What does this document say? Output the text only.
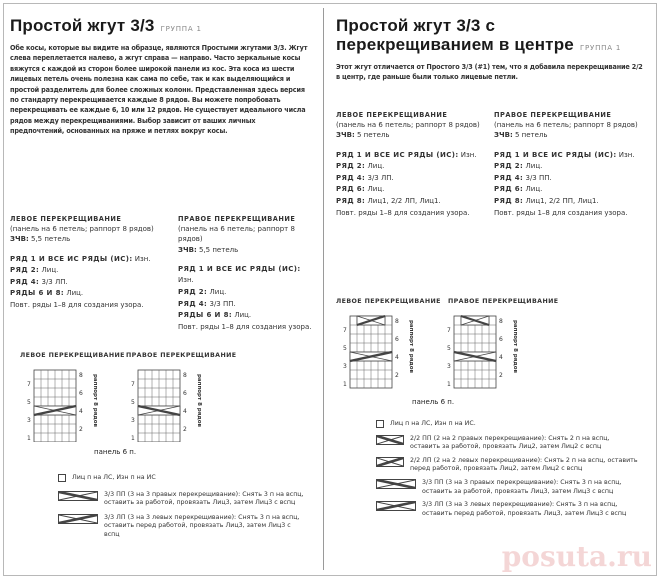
Простой жгут 3/3 ГРУППА 1

Обе косы, которые вы видите на образце, являются Простыми жгутами 3/3. Жгут слева переплетается налево, а жгут справа — направо. Часто зеркальные косы вяжутся с каждой из сторон более широкой панели из кос. Эта коса из шести лицевых петель очень полезна как сама по себе, так и как выделяющийся и простой разделитель для более сложных колонн. Представленная здесь версия по стандарту перекрещивается каждые 8 рядов. Вы можете попробовать перекрещивать ее каждые 6, 10 или 12 рядов. Не существует идеального числа рядов между перекрещиваниями. Выбор зависит от ваших личных предпочтений, основанных на пряже и петлях вокруг косы.

ЛЕВОЕ ПЕРЕКРЕЩИВАНИЕ
(панель на 6 петель; раппорт 8 рядов)
ЗЧВ: 5,5 петель
РЯД 1 И ВСЕ ИС РЯДЫ (ИС): Изн.
РЯД 2: Лиц.
РЯД 4: 3/3 ЛП.
РЯДЫ 6 И 8: Лиц.
Повт. ряды 1–8 для создания узора.
ПРАВОЕ ПЕРЕКРЕЩИВАНИЕ
(панель на 6 петель; раппорт 8 рядов)
ЗЧВ: 5,5 петель
РЯД 1 И ВСЕ ИС РЯДЫ (ИС): Изн.
РЯД 2: Лиц.
РЯД 4: 3/3 ПП.
РЯДЫ 6 И 8: Лиц.
Повт. ряды 1–8 для создания узора.
ЛЕВОЕ ПЕРЕКРЕЩИВАНИЕ ПРАВОЕ ПЕРЕКРЕЩИВАНИЕ
7
5
3
1
8
6
4
2
раппорт 8 рядов	7
5
3
1
8
6
4
2
раппорт 8 рядов
панель 6 п.
Лиц п на ЛС, Изн п на ИС
3/3 ПП (3 на 3 правых перекрещивание): Снять 3 п на вспц, оставить за работой, провязать Лиц3, затем Лиц3 с вспц
3/3 ЛП (3 на 3 левых перекрещивание): Снять 3 п на вспц, оставить перед работой, провязать Лиц3, затем Лиц3 с вспц
Простой жгут 3/3 с перекрещиванием в центре ГРУППА 1

Этот жгут отличается от Простого 3/3 (#1) тем, что я добавила перекрещивание 2/2 в центр, где раньше были только лицевые петли.

ЛЕВОЕ ПЕРЕКРЕЩИВАНИЕ
(панель на 6 петель; раппорт 8 рядов)
ЗЧВ: 5 петель
РЯД 1 И ВСЕ ИС РЯДЫ (ИС): Изн.
РЯД 2: Лиц.
РЯД 4: 3/3 ЛП.
РЯД 6: Лиц.
РЯД 8: Лиц1, 2/2 ЛП, Лиц1.
Повт. ряды 1–8 для создания узора.
ПРАВОЕ ПЕРЕКРЕЩИВАНИЕ
(панель на 6 петель; раппорт 8 рядов)
ЗЧВ: 5 петель
РЯД 1 И ВСЕ ИС РЯДЫ (ИС): Изн.
РЯД 2: Лиц.
РЯД 4: 3/3 ПП.
РЯД 6: Лиц.
РЯД 8: Лиц1, 2/2 ПП, Лиц1.
Повт. ряды 1–8 для создания узора.
ЛЕВОЕ ПЕРЕКРЕЩИВАНИЕ ПРАВОЕ ПЕРЕКРЕЩИВАНИЕ
7
5
3
1
8
6
4
2
раппорт 8 рядов	7
5
3
1
8
6
4
2
раппорт 8 рядов
панель 6 п.
Лиц п на ЛС, Изн п на ИС.
2/2 ПП (2 на 2 правых перекрещивание): Снять 2 п на вспц, оставить за работой, провязать Лиц2, затем Лиц2 с вспц
2/2 ЛП (2 на 2 левых перекрещивание): Снять 2 п на вспц, оставить перед работой, провязать Лиц2, затем Лиц2 с вспц
3/3 ПП (3 на 3 правых перекрещивание): Снять 3 п на вспц, оставить за работой, провязать Лиц3, затем Лиц3 с вспц
3/3 ЛП (3 на 3 левых перекрещивание): Снять 3 п на вспц, оставить перед работой, провязать Лиц3, затем Лиц3 с вспц
posuta.ru
